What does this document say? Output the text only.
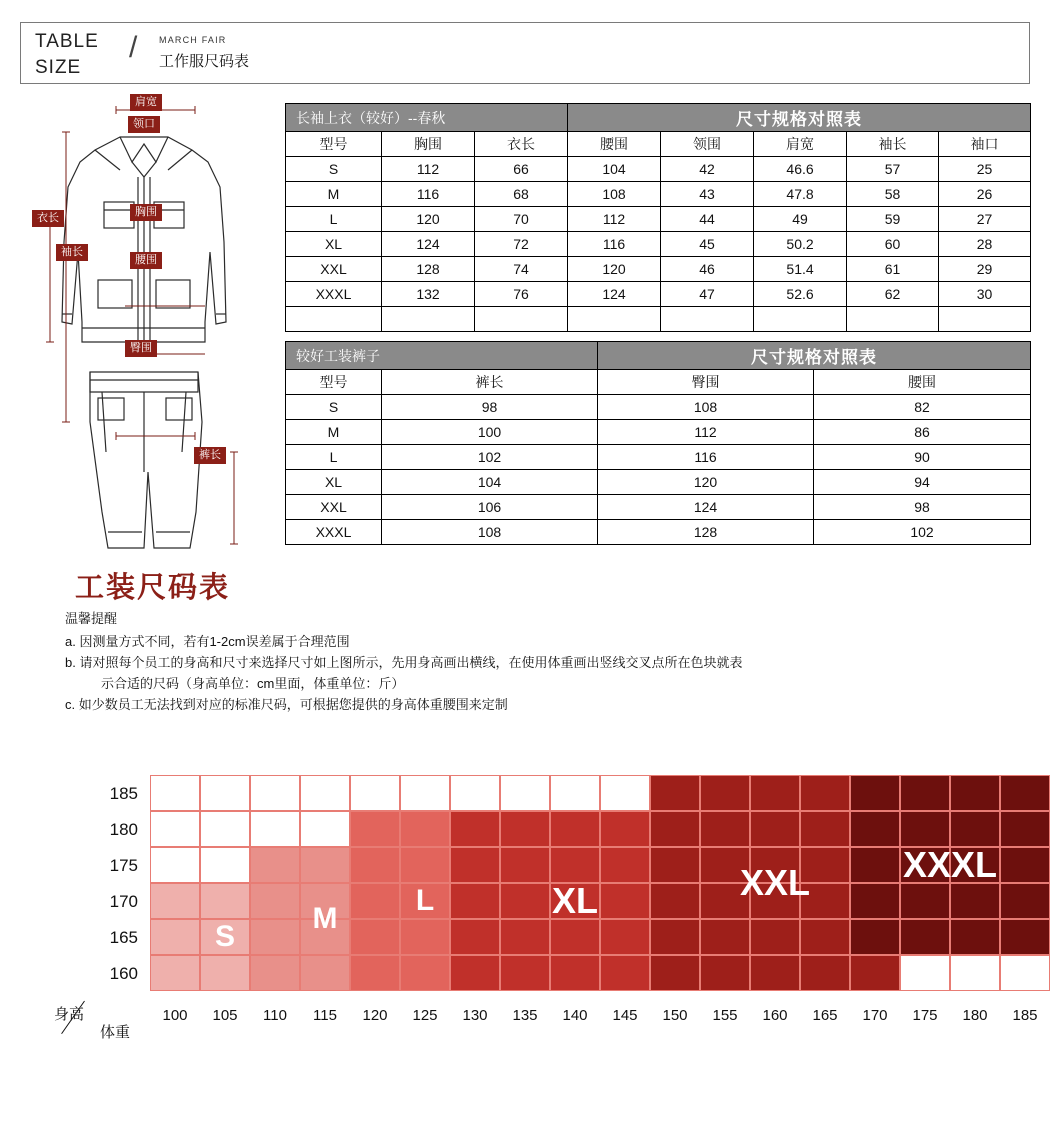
TABLE
SIZE
/ MARCH FAIR
工作服尺码表
肩宽
领口
胸围
衣长
袖长
腰围
臀围
裤长
长袖上衣（较好）--春秋			尺寸规格对照表				
型号	胸围	衣长	腰围	领围	肩宽	袖长	袖口
S	112	66	104	42	46.6	57	25
M	116	68	108	43	47.8	58	26
L	120	70	112	44	49	59	27
XL	124	72	116	45	50.2	60	28
XXL	128	74	120	46	51.4	61	29
XXXL	132	76	124	47	52.6	62	30

较好工装裤子		尺寸规格对照表	
型号	裤长	臀围	腰围
S	98	108	82
M	100	112	86
L	102	116	90
XL	104	120	94
XXL	106	124	98
XXXL	108	128	102
工装尺码表
温馨提醒
a. 因测量方式不同，若有1-2cm误差属于合理范围
b. 请对照每个员工的身高和尺寸来选择尺寸如上图所示，先用身高画出横线，在使用体重画出竖线交叉点所在色块就表
示合适的尺码（身高单位：cm里面，体重单位：斤）
c. 如少数员工无法找到对应的标准尺码，可根据您提供的身高体重腰围来定制
S
M
L	XL	XXL	XXXL
185
180
175
170
165
160
100	105	110	115	120	125	130	135	140	145	150	155	160	165	170	175	180	185
身高
体重
